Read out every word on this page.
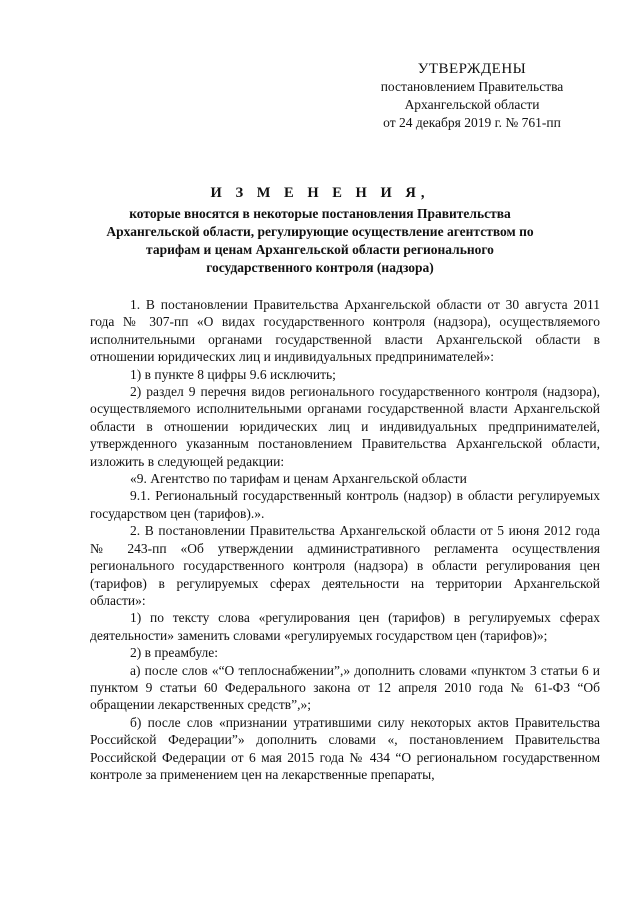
УТВЕРЖДЕНЫ
постановлением Правительства
Архангельской области
от 24 декабря 2019 г. № 761-пп
И З М Е Н Е Н И Я,
которые вносятся в некоторые постановления Правительства Архангельской области, регулирующие осуществление агентством по тарифам и ценам Архангельской области регионального государственного контроля (надзора)

1. В постановлении Правительства Архангельской области от 30 августа 2011 года № 307-пп «О видах государственного контроля (надзора), осуществляемого исполнительными органами государственной власти Архангельской области в отношении юридических лиц и индивидуальных предпринимателей»:

1) в пункте 8 цифры 9.6 исключить;

2) раздел 9 перечня видов регионального государственного контроля (надзора), осуществляемого исполнительными органами государственной власти Архангельской области в отношении юридических лиц и индивидуальных предпринимателей, утвержденного указанным постановлением Правительства Архангельской области, изложить в следующей редакции:

«9. Агентство по тарифам и ценам Архангельской области

9.1. Региональный государственный контроль (надзор) в области регулируемых государством цен (тарифов).».

2. В постановлении Правительства Архангельской области от 5 июня 2012 года № 243-пп «Об утверждении административного регламента осуществления регионального государственного контроля (надзора) в области регулирования цен (тарифов) в регулируемых сферах деятельности на территории Архангельской области»:

1) по тексту слова «регулирования цен (тарифов) в регулируемых сферах деятельности» заменить словами «регулируемых государством цен (тарифов)»;

2) в преамбуле:

а) после слов «“О теплоснабжении”,» дополнить словами «пунктом 3 статьи 6 и пунктом 9 статьи 60 Федерального закона от 12 апреля 2010 года № 61-ФЗ “Об обращении лекарственных средств”,»;

б) после слов «признании утратившими силу некоторых актов Правительства Российской Федерации”» дополнить словами «, постановлением Правительства Российской Федерации от 6 мая 2015 года № 434 “О региональном государственном контроле за применением цен на лекарственные препараты,
